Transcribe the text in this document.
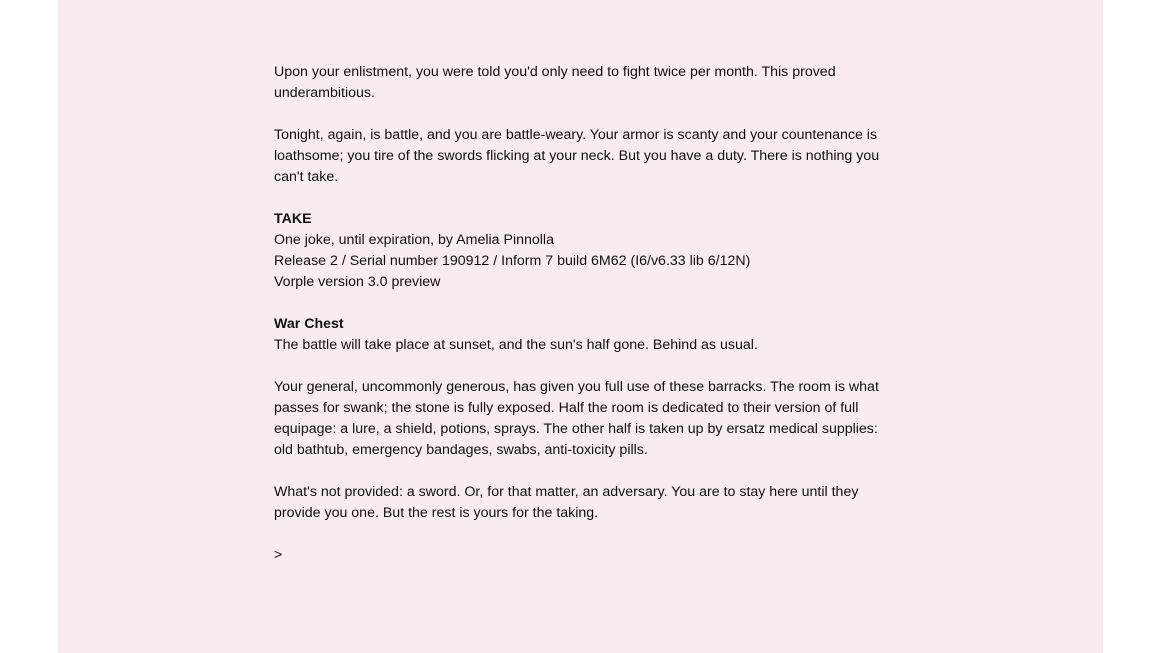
Upon your enlistment, you were told you'd only need to fight twice per month. This proved underambitious.

Tonight, again, is battle, and you are battle-weary. Your armor is scanty and your countenance is loathsome; you tire of the swords flicking at your neck. But you have a duty. There is nothing you can't take.

TAKE
One joke, until expiration, by Amelia Pinnolla
Release 2 / Serial number 190912 / Inform 7 build 6M62 (I6/v6.33 lib 6/12N)
Vorple version 3.0 preview

War Chest
The battle will take place at sunset, and the sun's half gone. Behind as usual.

Your general, uncommonly generous, has given you full use of these barracks. The room is what passes for swank; the stone is fully exposed. Half the room is dedicated to their version of full equipage: a lure, a shield, potions, sprays. The other half is taken up by ersatz medical supplies: old bathtub, emergency bandages, swabs, anti-toxicity pills.

What's not provided: a sword. Or, for that matter, an adversary. You are to stay here until they provide you one. But the rest is yours for the taking.

>
